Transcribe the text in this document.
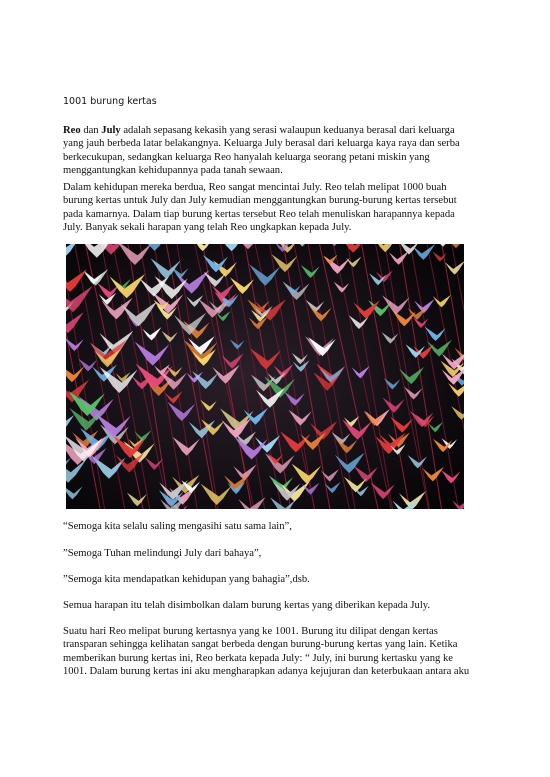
1001 burung kertas

Reo dan July adalah sepasang kekasih yang serasi walaupun keduanya berasal dari keluarga yang jauh berbeda latar belakangnya. Keluarga July berasal dari keluarga kaya raya dan serba berkecukupan, sedangkan keluarga Reo hanyalah keluarga seorang petani miskin yang menggantungkan kehidupannya pada tanah sewaan.

Dalam kehidupan mereka berdua, Reo sangat mencintai July. Reo telah melipat 1000 buah burung kertas untuk July dan July kemudian menggantungkan burung-burung kertas tersebut pada kamarnya. Dalam tiap burung kertas tersebut Reo telah menuliskan harapannya kepada July. Banyak sekali harapan yang telah Reo ungkapkan kepada July.

“Semoga kita selalu saling mengasihi satu sama lain”,

”Semoga Tuhan melindungi July dari bahaya”,

”Semoga kita mendapatkan kehidupan yang bahagia”,dsb.

Semua harapan itu telah disimbolkan dalam burung kertas yang diberikan kepada July.

Suatu hari Reo melipat burung kertasnya yang ke 1001. Burung itu dilipat dengan kertas transparan sehingga kelihatan sangat berbeda dengan burung-burung kertas yang lain. Ketika memberikan burung kertas ini, Reo berkata kepada July: “ July, ini burung kertasku yang ke 1001. Dalam burung kertas ini aku mengharapkan adanya kejujuran dan keterbukaan antara aku
